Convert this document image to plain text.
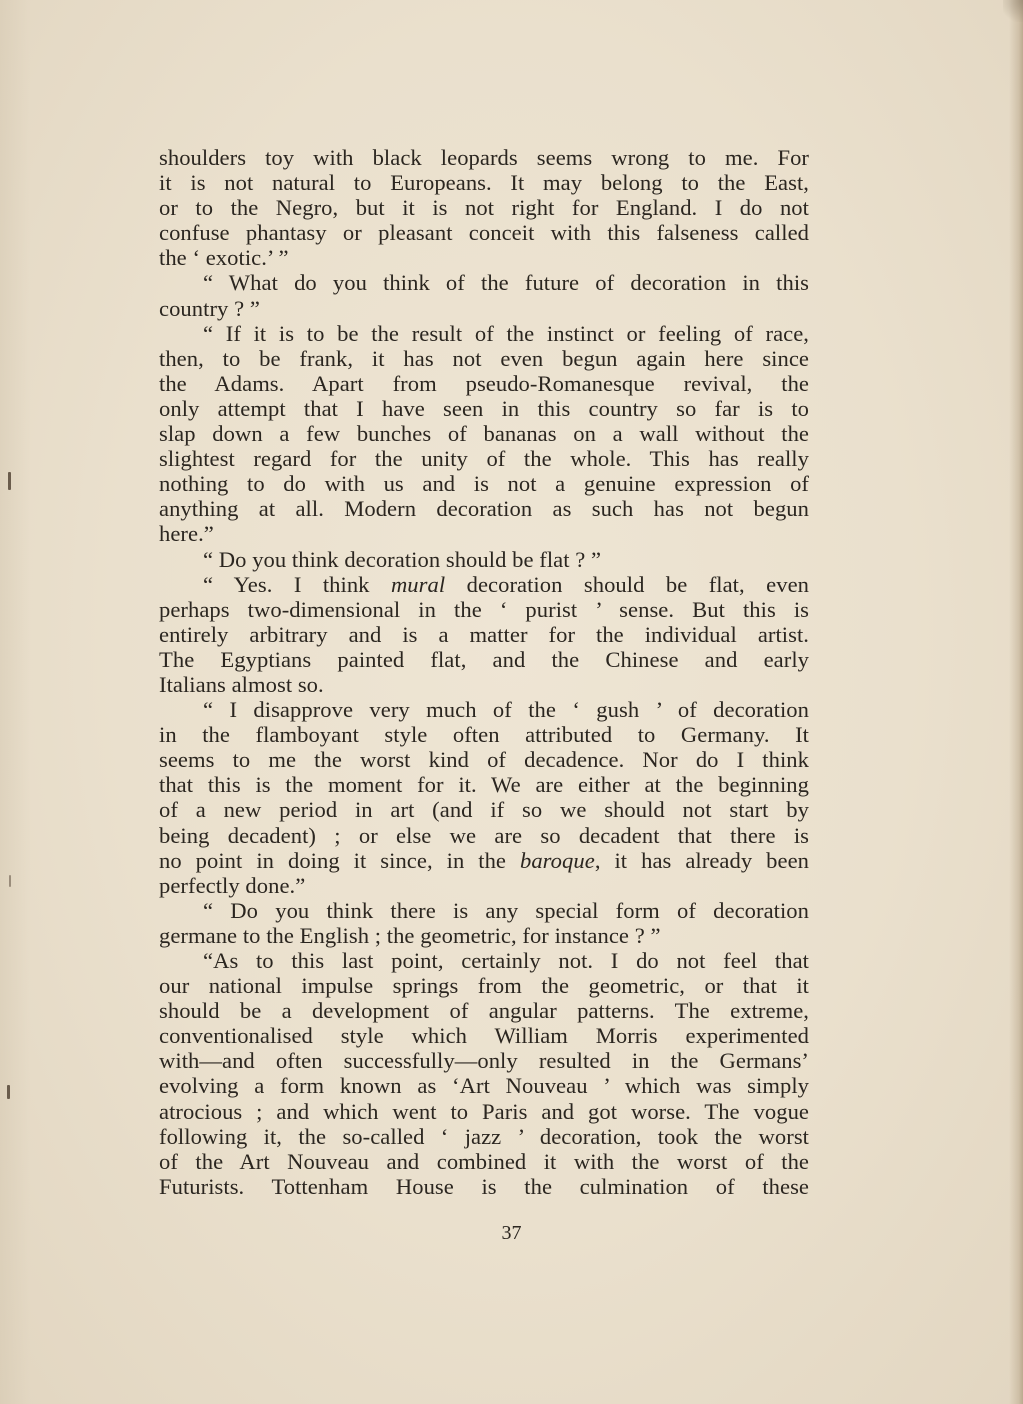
shoulders toy with black leopards seems wrong to me. For
it is not natural to Europeans. It may belong to the East,
or to the Negro, but it is not right for England. I do not
confuse phantasy or pleasant conceit with this falseness called
the ‘ exotic.’ ”
“ What do you think of the future of decoration in this
country ? ”
“ If it is to be the result of the instinct or feeling of race,
then, to be frank, it has not even begun again here since
the Adams. Apart from pseudo-Romanesque revival, the
only attempt that I have seen in this country so far is to
slap down a few bunches of bananas on a wall without the
slightest regard for the unity of the whole. This has really
nothing to do with us and is not a genuine expression of
anything at all. Modern decoration as such has not begun
here.”
“ Do you think decoration should be flat ? ”
“ Yes. I think mural decoration should be flat, even
perhaps two-dimensional in the ‘ purist ’ sense. But this is
entirely arbitrary and is a matter for the individual artist.
The Egyptians painted flat, and the Chinese and early
Italians almost so.
“ I disapprove very much of the ‘ gush ’ of decoration
in the flamboyant style often attributed to Germany. It
seems to me the worst kind of decadence. Nor do I think
that this is the moment for it. We are either at the beginning
of a new period in art (and if so we should not start by
being decadent) ; or else we are so decadent that there is
no point in doing it since, in the baroque, it has already been
perfectly done.”
“ Do you think there is any special form of decoration
germane to the English ; the geometric, for instance ? ”
“As to this last point, certainly not. I do not feel that
our national impulse springs from the geometric, or that it
should be a development of angular patterns. The extreme,
conventionalised style which William Morris experimented
with—and often successfully—only resulted in the Germans’
evolving a form known as ‘Art Nouveau ’ which was simply
atrocious ; and which went to Paris and got worse. The vogue
following it, the so-called ‘ jazz ’ decoration, took the worst
of the Art Nouveau and combined it with the worst of the
Futurists. Tottenham House is the culmination of these
37
